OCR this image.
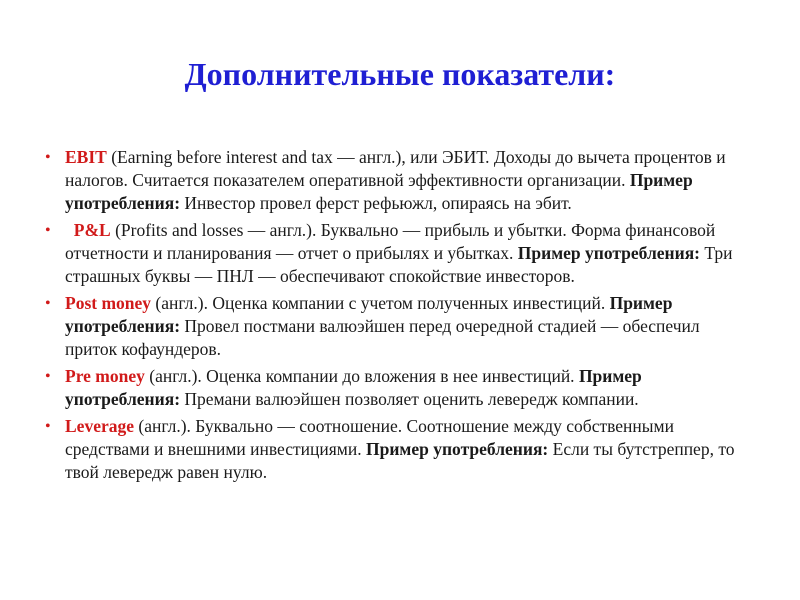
Дополнительные показатели:
• EBIT (Earning before interest and tax — англ.), или ЭБИТ. Доходы до вычета процентов и налогов. Считается показателем оперативной эффективности организации. Пример употребления: Инвестор провел ферст рефьюжл, опираясь на эбит.
• P&L (Profits and losses — англ.). Буквально — прибыль и убытки. Форма финансовой отчетности и планирования — отчет о прибылях и убытках. Пример употребления: Три страшных буквы — ПНЛ — обеспечивают спокойствие инвесторов.
• Post money (англ.). Оценка компании с учетом полученных инвестиций. Пример употребления: Провел постмани валюэйшен перед очередной стадией — обеспечил приток кофаундеров.
• Pre money (англ.). Оценка компании до вложения в нее инвестиций. Пример употребления: Премани валюэйшен позволяет оценить левередж компании.
• Leverage (англ.). Буквально — соотношение. Соотношение между собственными средствами и внешними инвестициями. Пример употребления: Если ты бутстреппер, то твой левередж равен нулю.
